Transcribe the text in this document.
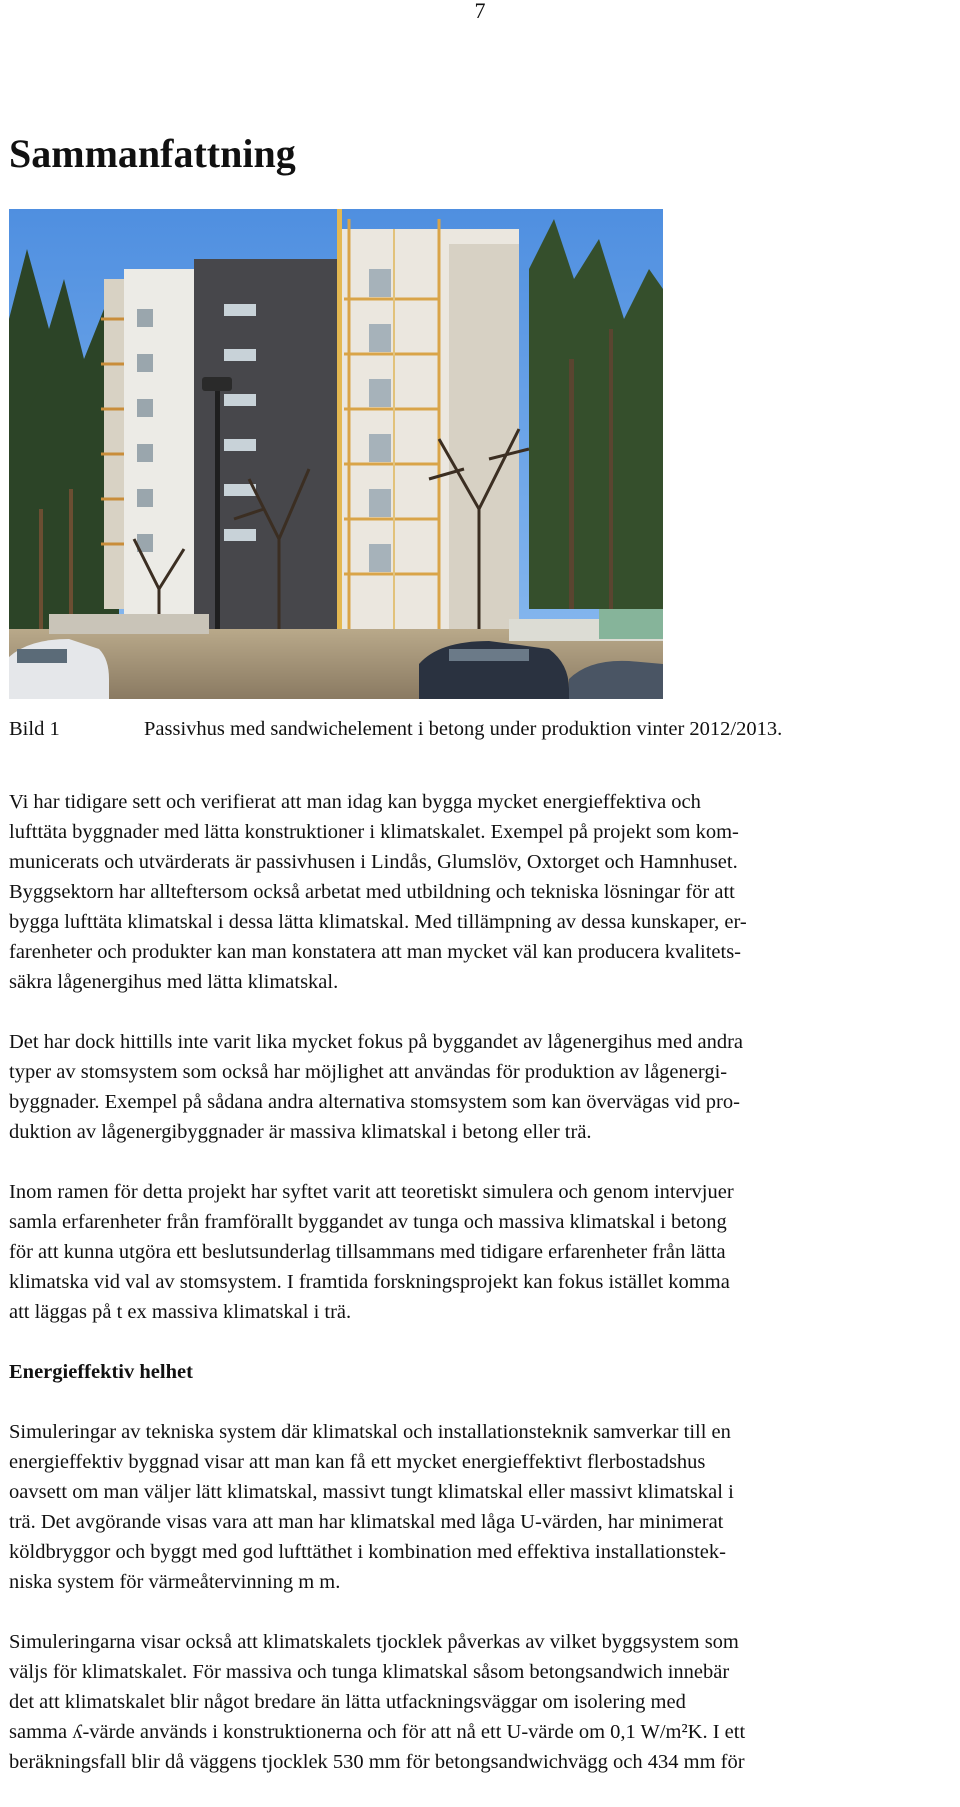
7
Sammanfattning
Bild 1	Passivhus med sandwichelement i betong under produktion vinter 2012/2013.

Vi har tidigare sett och verifierat att man idag kan bygga mycket energieffektiva och
lufttäta byggnader med lätta konstruktioner i klimatskalet. Exempel på projekt som kom-
municerats och utvärderats är passivhusen i Lindås, Glumslöv, Oxtorget och Hamnhuset.
Byggsektorn har allteftersom också arbetat med utbildning och tekniska lösningar för att
bygga lufttäta klimatskal i dessa lätta klimatskal. Med tillämpning av dessa kunskaper, er-
farenheter och produkter kan man konstatera att man mycket väl kan producera kvalitets-
säkra lågenergihus med lätta klimatskal.

Det har dock hittills inte varit lika mycket fokus på byggandet av lågenergihus med andra
typer av stomsystem som också har möjlighet att användas för produktion av lågenergi-
byggnader. Exempel på sådana andra alternativa stomsystem som kan övervägas vid pro-
duktion av lågenergibyggnader är massiva klimatskal i betong eller trä.

Inom ramen för detta projekt har syftet varit att teoretiskt simulera och genom intervjuer
samla erfarenheter från framförallt byggandet av tunga och massiva klimatskal i betong
för att kunna utgöra ett beslutsunderlag tillsammans med tidigare erfarenheter från lätta
klimatska vid val av stomsystem. I framtida forskningsprojekt kan fokus istället komma
att läggas på t ex massiva klimatskal i trä.

Energieffektiv helhet

Simuleringar av tekniska system där klimatskal och installationsteknik samverkar till en
energieffektiv byggnad visar att man kan få ett mycket energieffektivt flerbostadshus
oavsett om man väljer lätt klimatskal, massivt tungt klimatskal eller massivt klimatskal i
trä. Det avgörande visas vara att man har klimatskal med låga U-värden, har minimerat
köldbryggor och byggt med god lufttäthet i kombination med effektiva installationstek-
niska system för värmeåtervinning m m.

Simuleringarna visar också att klimatskalets tjocklek påverkas av vilket byggsystem som
väljs för klimatskalet. För massiva och tunga klimatskal såsom betongsandwich innebär
det att klimatskalet blir något bredare än lätta utfackningsväggar om isolering med
samma ʎ-värde används i konstruktionerna och för att nå ett U-värde om 0,1 W/m²K. I ett
beräkningsfall blir då väggens tjocklek 530 mm för betongsandwichvägg och 434 mm för
